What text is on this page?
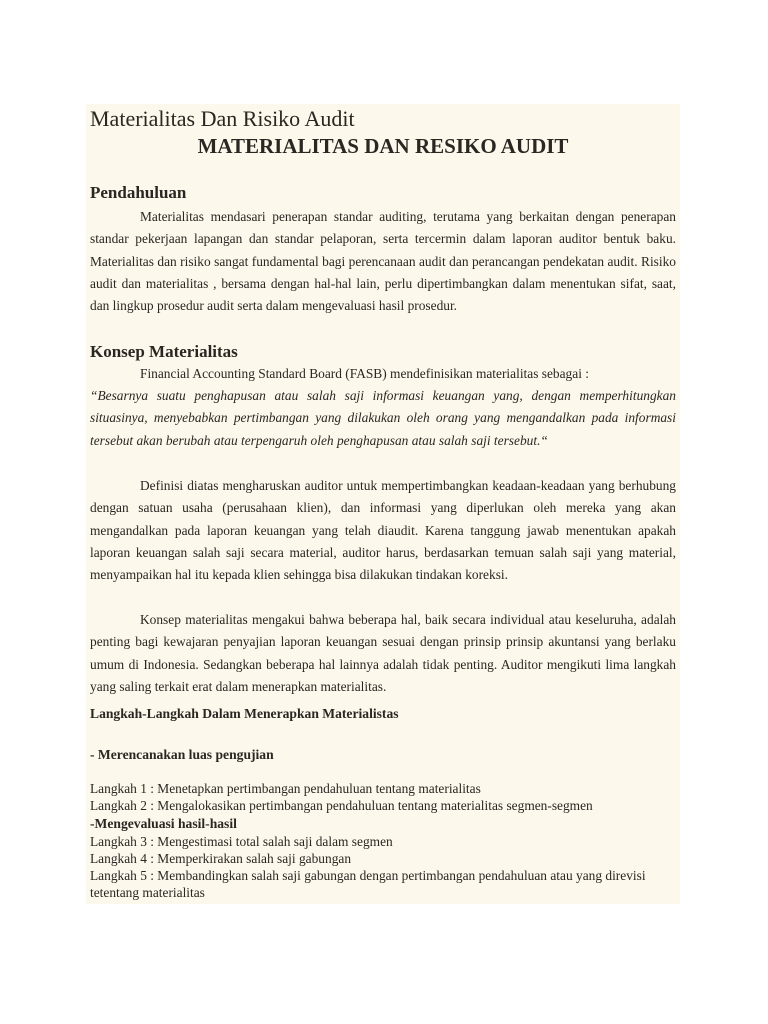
Materialitas Dan Risiko Audit
MATERIALITAS DAN RESIKO AUDIT
Pendahuluan

Materialitas mendasari penerapan standar auditing, terutama yang berkaitan dengan penerapan standar pekerjaan lapangan dan standar pelaporan, serta tercermin dalam laporan auditor bentuk baku. Materialitas dan risiko sangat fundamental bagi perencanaan audit dan perancangan pendekatan audit. Risiko audit dan materialitas , bersama dengan hal-hal lain, perlu dipertimbangkan dalam menentukan sifat, saat, dan lingkup prosedur audit serta dalam mengevaluasi hasil prosedur.

Konsep Materialitas

Financial Accounting Standard Board (FASB) mendefinisikan materialitas sebagai :

“Besarnya suatu penghapusan atau salah saji informasi keuangan yang, dengan memperhitungkan situasinya, menyebabkan pertimbangan yang dilakukan oleh orang yang mengandalkan pada informasi tersebut akan berubah atau terpengaruh oleh penghapusan atau salah saji tersebut.“

Definisi diatas mengharuskan auditor untuk mempertimbangkan keadaan-keadaan yang berhubung dengan satuan usaha (perusahaan klien), dan informasi yang diperlukan oleh mereka yang akan mengandalkan pada laporan keuangan yang telah diaudit. Karena tanggung jawab menentukan apakah laporan keuangan salah saji secara material, auditor harus, berdasarkan temuan salah saji yang material, menyampaikan hal itu kepada klien sehingga bisa dilakukan tindakan koreksi.

Konsep materialitas mengakui bahwa beberapa hal, baik secara individual atau keseluruha, adalah penting bagi kewajaran penyajian laporan keuangan sesuai dengan prinsip prinsip akuntansi yang berlaku umum di Indonesia. Sedangkan beberapa hal lainnya adalah tidak penting. Auditor mengikuti lima langkah yang saling terkait erat dalam menerapkan materialitas.

Langkah-Langkah Dalam Menerapkan Materialistas
- Merencanakan luas pengujian
Langkah 1 : Menetapkan pertimbangan pendahuluan tentang materialitas
Langkah 2 : Mengalokasikan pertimbangan pendahuluan tentang materialitas segmen-segmen
-Mengevaluasi hasil-hasil
Langkah 3 : Mengestimasi total salah saji dalam segmen
Langkah 4 : Memperkirakan salah saji gabungan
Langkah 5 : Membandingkan salah saji gabungan dengan pertimbangan pendahuluan atau yang direvisi tetentang materialitas
